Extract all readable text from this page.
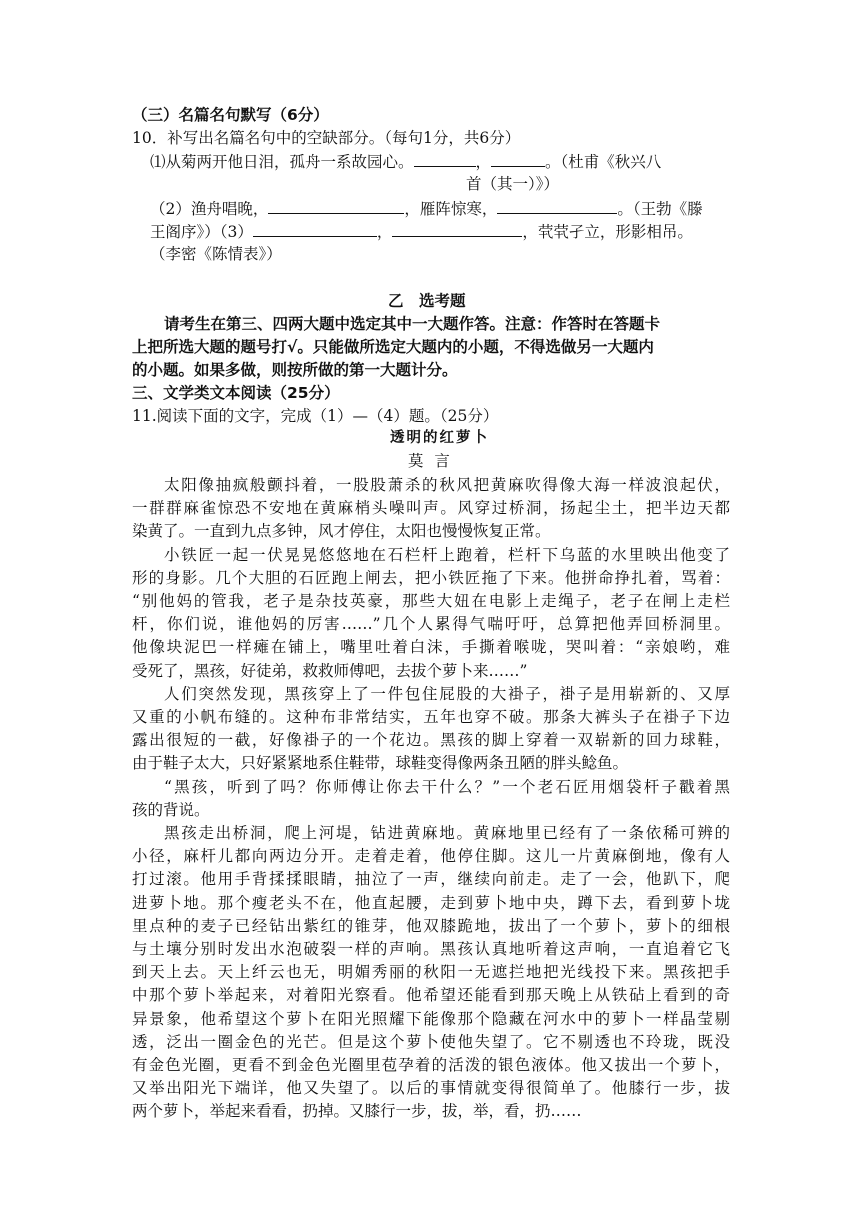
（三）名篇名句默写（6分）
10．补写出名篇名句中的空缺部分。（每句1分，共6分）
⑴从菊两开他日泪，孤舟一系故园心。	，	。（杜甫《秋兴八
首（其一）》）
（2）渔舟唱晚，	，雁阵惊寒，	。（王勃《滕
王阁序》）（3）	，	，茕茕孑立，形影相吊。
（李密《陈情表》）
乙　选考题
请考生在第三、四两大题中选定其中一大题作答。注意：作答时在答题卡
上把所选大题的题号打√。只能做所选定大题内的小题，不得选做另一大题内
的小题。如果多做，则按所做的第一大题计分。
三、文学类文本阅读（25分）
11.阅读下面的文字，完成（1）—（4）题。（25分）
透明的红萝卜
莫 言
太阳像抽疯般颤抖着，一股股萧杀的秋风把黄麻吹得像大海一样波浪起伏，
一群群麻雀惊恐不安地在黄麻梢头噪叫声。风穿过桥洞，扬起尘土，把半边天都
染黄了。一直到九点多钟，风才停住，太阳也慢慢恢复正常。
小铁匠一起一伏晃晃悠悠地在石栏杆上跑着，栏杆下乌蓝的水里映出他变了
形的身影。几个大胆的石匠跑上闸去，把小铁匠拖了下来。他拼命挣扎着，骂着：
“别他妈的管我，老子是杂技英豪，那些大妞在电影上走绳子，老子在闸上走栏
杆，你们说，谁他妈的厉害……”几个人累得气喘吁吁，总算把他弄回桥洞里。
他像块泥巴一样瘫在铺上，嘴里吐着白沫，手撕着喉咙，哭叫着：“亲娘哟，难
受死了，黑孩，好徒弟，救救师傅吧，去拔个萝卜来……”
人们突然发现，黑孩穿上了一件包住屁股的大褂子，褂子是用崭新的、又厚
又重的小帆布缝的。这种布非常结实，五年也穿不破。那条大裤头子在褂子下边
露出很短的一截，好像褂子的一个花边。黑孩的脚上穿着一双崭新的回力球鞋，
由于鞋子太大，只好紧紧地系住鞋带，球鞋变得像两条丑陋的胖头鲶鱼。
“黑孩，听到了吗？你师傅让你去干什么？”一个老石匠用烟袋杆子戳着黑
孩的背说。
黑孩走出桥洞，爬上河堤，钻进黄麻地。黄麻地里已经有了一条依稀可辨的
小径，麻杆儿都向两边分开。走着走着，他停住脚。这儿一片黄麻倒地，像有人
打过滚。他用手背揉揉眼睛，抽泣了一声，继续向前走。走了一会，他趴下，爬
进萝卜地。那个瘦老头不在，他直起腰，走到萝卜地中央，蹲下去，看到萝卜垅
里点种的麦子已经钻出紫红的锥芽，他双膝跪地，拔出了一个萝卜，萝卜的细根
与土壤分别时发出水泡破裂一样的声响。黑孩认真地听着这声响，一直追着它飞
到天上去。天上纤云也无，明媚秀丽的秋阳一无遮拦地把光线投下来。黑孩把手
中那个萝卜举起来，对着阳光察看。他希望还能看到那天晚上从铁砧上看到的奇
异景象，他希望这个萝卜在阳光照耀下能像那个隐藏在河水中的萝卜一样晶莹剔
透，泛出一圈金色的光芒。但是这个萝卜使他失望了。它不剔透也不玲珑，既没
有金色光圈，更看不到金色光圈里苞孕着的活泼的银色液体。他又拔出一个萝卜，
又举出阳光下端详，他又失望了。以后的事情就变得很简单了。他膝行一步，拔
两个萝卜，举起来看看，扔掉。又膝行一步，拔，举，看，扔……
